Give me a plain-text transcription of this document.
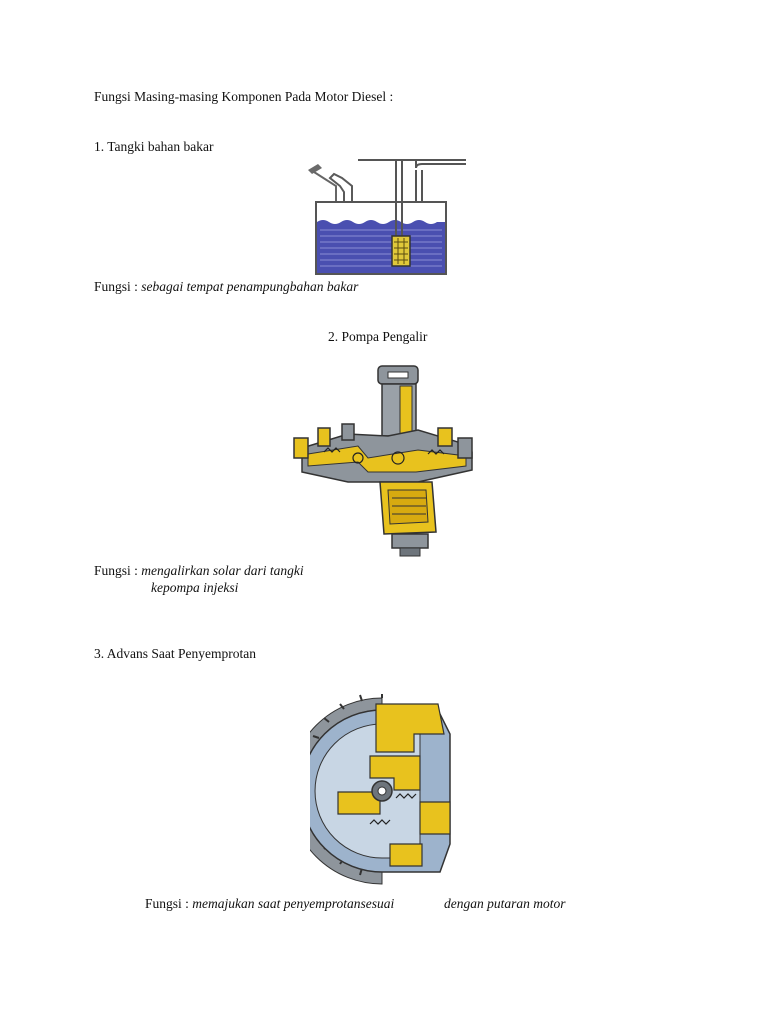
Fungsi Masing-masing Komponen Pada Motor Diesel :
1. Tangki bahan bakar
Fungsi : sebagai tempat penampungbahan bakar
2. Pompa Pengalir
Fungsi : mengalirkan solar dari tangki
kepompa injeksi
3. Advans Saat Penyemprotan
Fungsi : memajukan saat penyemprotansesuai	dengan putaran motor
